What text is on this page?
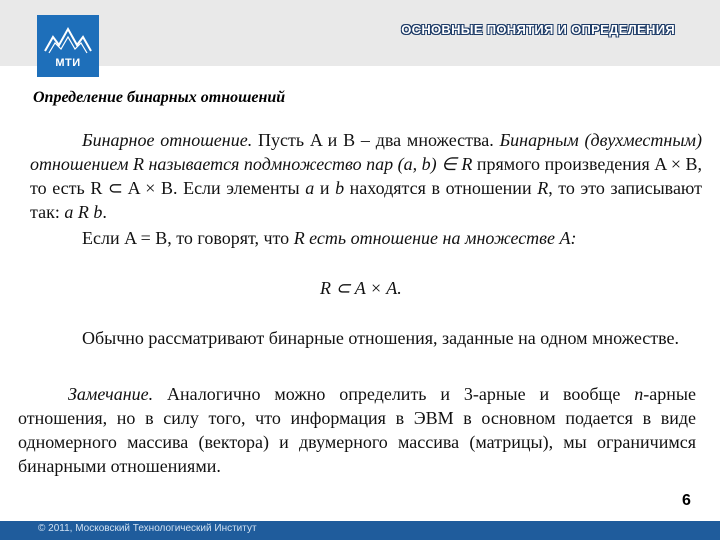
МТИ
ОСНОВНЫЕ ПОНЯТИЯ И ОПРЕДЕЛЕНИЯ
Определение бинарных отношений
Бинарное отношение. Пусть A и B – два множества. Бинарным (двухместным) отношением R называется подмножество пар (a, b) ∈ R прямого произведения A × B, то есть R ⊂ A × B. Если элементы a и b находятся в отношении R, то это записывают так: a R b.
Если A = B, то говорят, что R есть отношение на множестве A:
R ⊂ A × A.
Обычно рассматривают бинарные отношения, заданные на одном множестве.
Замечание. Аналогично можно определить и 3-арные и вообще n-арные отношения, но в силу того, что информация в ЭВМ в основном подается в виде одномерного массива (вектора) и двумерного массива (матрицы), мы ограничимся бинарными отношениями.
6
© 2011, Московский Технологический Институт
